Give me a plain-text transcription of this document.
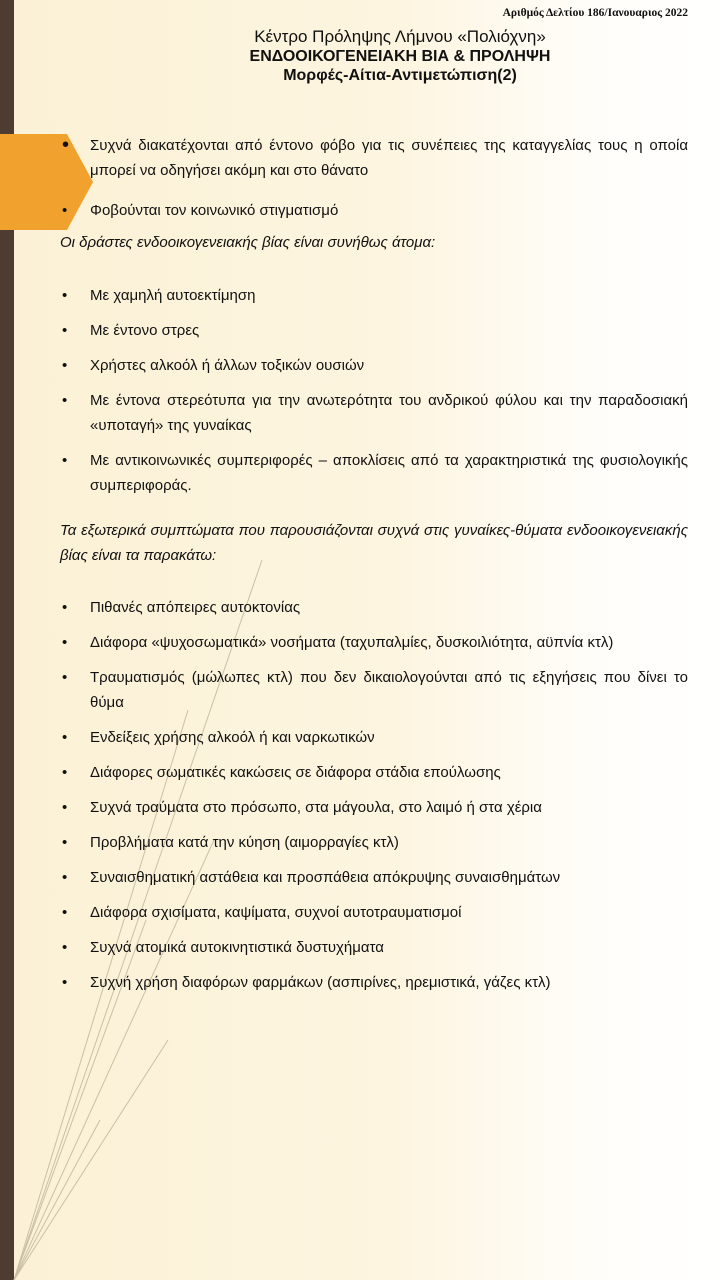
Αριθμός Δελτίου 186/Ιανουαριος 2022
Κέντρο Πρόληψης Λήμνου «Πολιόχνη»
ΕΝΔΟΟΙΚΟΓΕΝΕΙΑΚΗ ΒΙΑ & ΠΡΟΛΗΨΗ
Μορφές-Αίτια-Αντιμετώπιση(2)
• Συχνά διακατέχονται από έντονο φόβο για τις συνέπειες της καταγγελίας τους η οποία μπορεί να οδηγήσει ακόμη και στο θάνατο
• Φοβούνται τον κοινωνικό στιγματισμό
Οι δράστες ενδοοικογενειακής βίας είναι συνήθως άτομα:
• Με χαμηλή αυτοεκτίμηση
• Με έντονο στρες
• Χρήστες αλκοόλ ή άλλων τοξικών ουσιών
• Με έντονα στερεότυπα για την ανωτερότητα του ανδρικού φύλου και την παραδοσιακή «υποταγή» της γυναίκας
• Με αντικοινωνικές συμπεριφορές – αποκλίσεις από τα χαρακτηριστικά της φυσιολογικής συμπεριφοράς.
Τα εξωτερικά συμπτώματα που παρουσιάζονται συχνά στις γυναίκες-θύματα ενδοοικογενειακής βίας είναι τα παρακάτω:
• Πιθανές απόπειρες αυτοκτονίας
• Διάφορα «ψυχοσωματικά» νοσήματα (ταχυπαλμίες, δυσκοιλιότητα, αϋπνία κτλ)
• Τραυματισμός (μώλωπες κτλ) που δεν δικαιολογούνται από τις εξηγήσεις που δίνει το θύμα
• Ενδείξεις χρήσης αλκοόλ ή και ναρκωτικών
• Διάφορες σωματικές κακώσεις σε διάφορα στάδια επούλωσης
• Συχνά τραύματα στο πρόσωπο, στα μάγουλα, στο λαιμό ή στα χέρια
• Προβλήματα κατά την κύηση (αιμορραγίες κτλ)
• Συναισθηματική αστάθεια και προσπάθεια απόκρυψης συναισθημάτων
• Διάφορα σχισίματα, καψίματα, συχνοί αυτοτραυματισμοί
• Συχνά ατομικά αυτοκινητιστικά δυστυχήματα
• Συχνή χρήση διαφόρων φαρμάκων (ασπιρίνες, ηρεμιστικά, γάζες κτλ)
